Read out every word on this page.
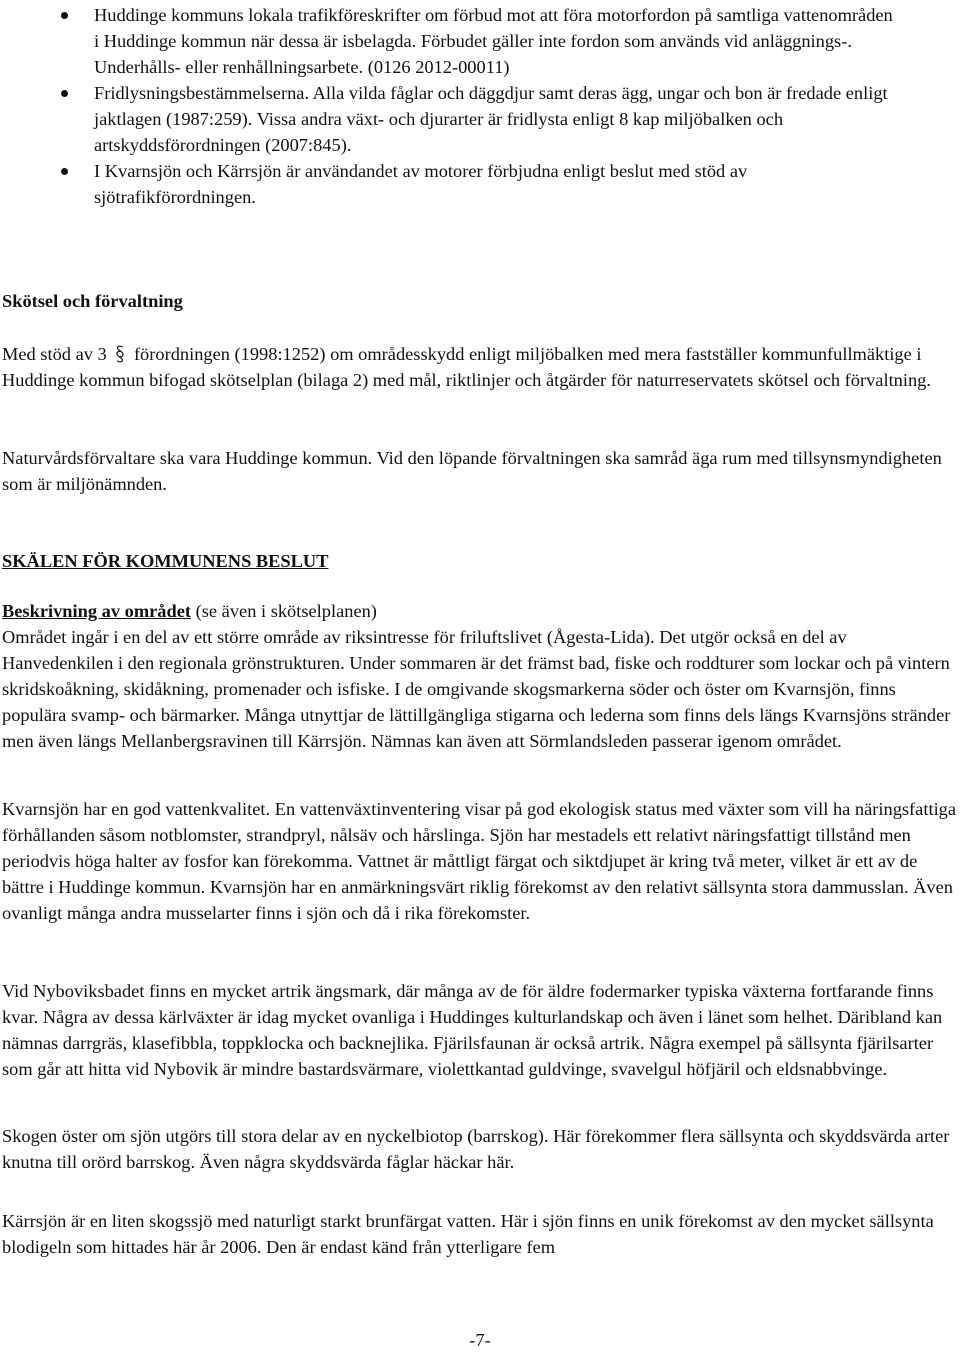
Huddinge kommuns lokala trafikföreskrifter om förbud mot att föra motorfordon på samtliga vattenområden i Huddinge kommun när dessa är isbelagda. Förbudet gäller inte fordon som används vid anläggnings-. Underhålls- eller renhållningsarbete. (0126 2012-00011)
Fridlysningsbestämmelserna. Alla vilda fåglar och däggdjur samt deras ägg, ungar och bon är fredade enligt jaktlagen (1987:259). Vissa andra växt- och djurarter är fridlysta enligt 8 kap miljöbalken och artskyddsförordningen (2007:845).
I Kvarnsjön och Kärrsjön är användandet av motorer förbjudna enligt beslut med stöd av sjötrafikförordningen.

Skötsel och förvaltning

Med stöd av 3 förordningen (1998:1252) om områdesskydd enligt miljöbalken med mera fastställer kommunfullmäktige i Huddinge kommun bifogad skötselplan (bilaga 2) med mål, riktlinjer och åtgärder för naturreservatets skötsel och förvaltning.

Naturvårdsförvaltare ska vara Huddinge kommun. Vid den löpande förvaltningen ska samråd äga rum med tillsynsmyndigheten som är miljönämnden.

SKÄLEN FÖR KOMMUNENS BESLUT

Beskrivning av området (se även i skötselplanen)

Området ingår i en del av ett större område av riksintresse för friluftslivet (Ågesta-Lida). Det utgör också en del av Hanvedenkilen i den regionala grönstrukturen. Under sommaren är det främst bad, fiske och roddturer som lockar och på vintern skridskoåkning, skidåkning, promenader och isfiske. I de omgivande skogsmarkerna söder och öster om Kvarnsjön, finns populära svamp- och bärmarker. Många utnyttjar de lättillgängliga stigarna och lederna som finns dels längs Kvarnsjöns stränder men även längs Mellanbergsravinen till Kärrsjön. Nämnas kan även att Sörmlandsleden passerar igenom området.

Kvarnsjön har en god vattenkvalitet. En vattenväxtinventering visar på god ekologisk status med växter som vill ha näringsfattiga förhållanden såsom notblomster, strandpryl, nålsäv och hårslinga. Sjön har mestadels ett relativt näringsfattigt tillstånd men periodvis höga halter av fosfor kan förekomma. Vattnet är måttligt färgat och siktdjupet är kring två meter, vilket är ett av de bättre i Huddinge kommun. Kvarnsjön har en anmärkningsvärt riklig förekomst av den relativt sällsynta stora dammusslan. Även ovanligt många andra musselarter finns i sjön och då i rika förekomster.

Vid Nyboviksbadet finns en mycket artrik ängsmark, där många av de för äldre fodermarker typiska växterna fortfarande finns kvar. Några av dessa kärlväxter är idag mycket ovanliga i Huddinges kulturlandskap och även i länet som helhet. Däribland kan nämnas darrgräs, klasefibbla, toppklocka och backnejlika. Fjärilsfaunan är också artrik. Några exempel på sällsynta fjärilsarter som går att hitta vid Nybovik är mindre bastardsvärmare, violettkantad guldvinge, svavelgul höfjäril och eldsnabbvinge.

Skogen öster om sjön utgörs till stora delar av en nyckelbiotop (barrskog). Här förekommer flera sällsynta och skyddsvärda arter knutna till orörd barrskog. Även några skyddsvärda fåglar häckar här.

Kärrsjön är en liten skogssjö med naturligt starkt brunfärgat vatten. Här i sjön finns en unik förekomst av den mycket sällsynta blodigeln som hittades här år 2006. Den är endast känd från ytterligare fem

-7-
